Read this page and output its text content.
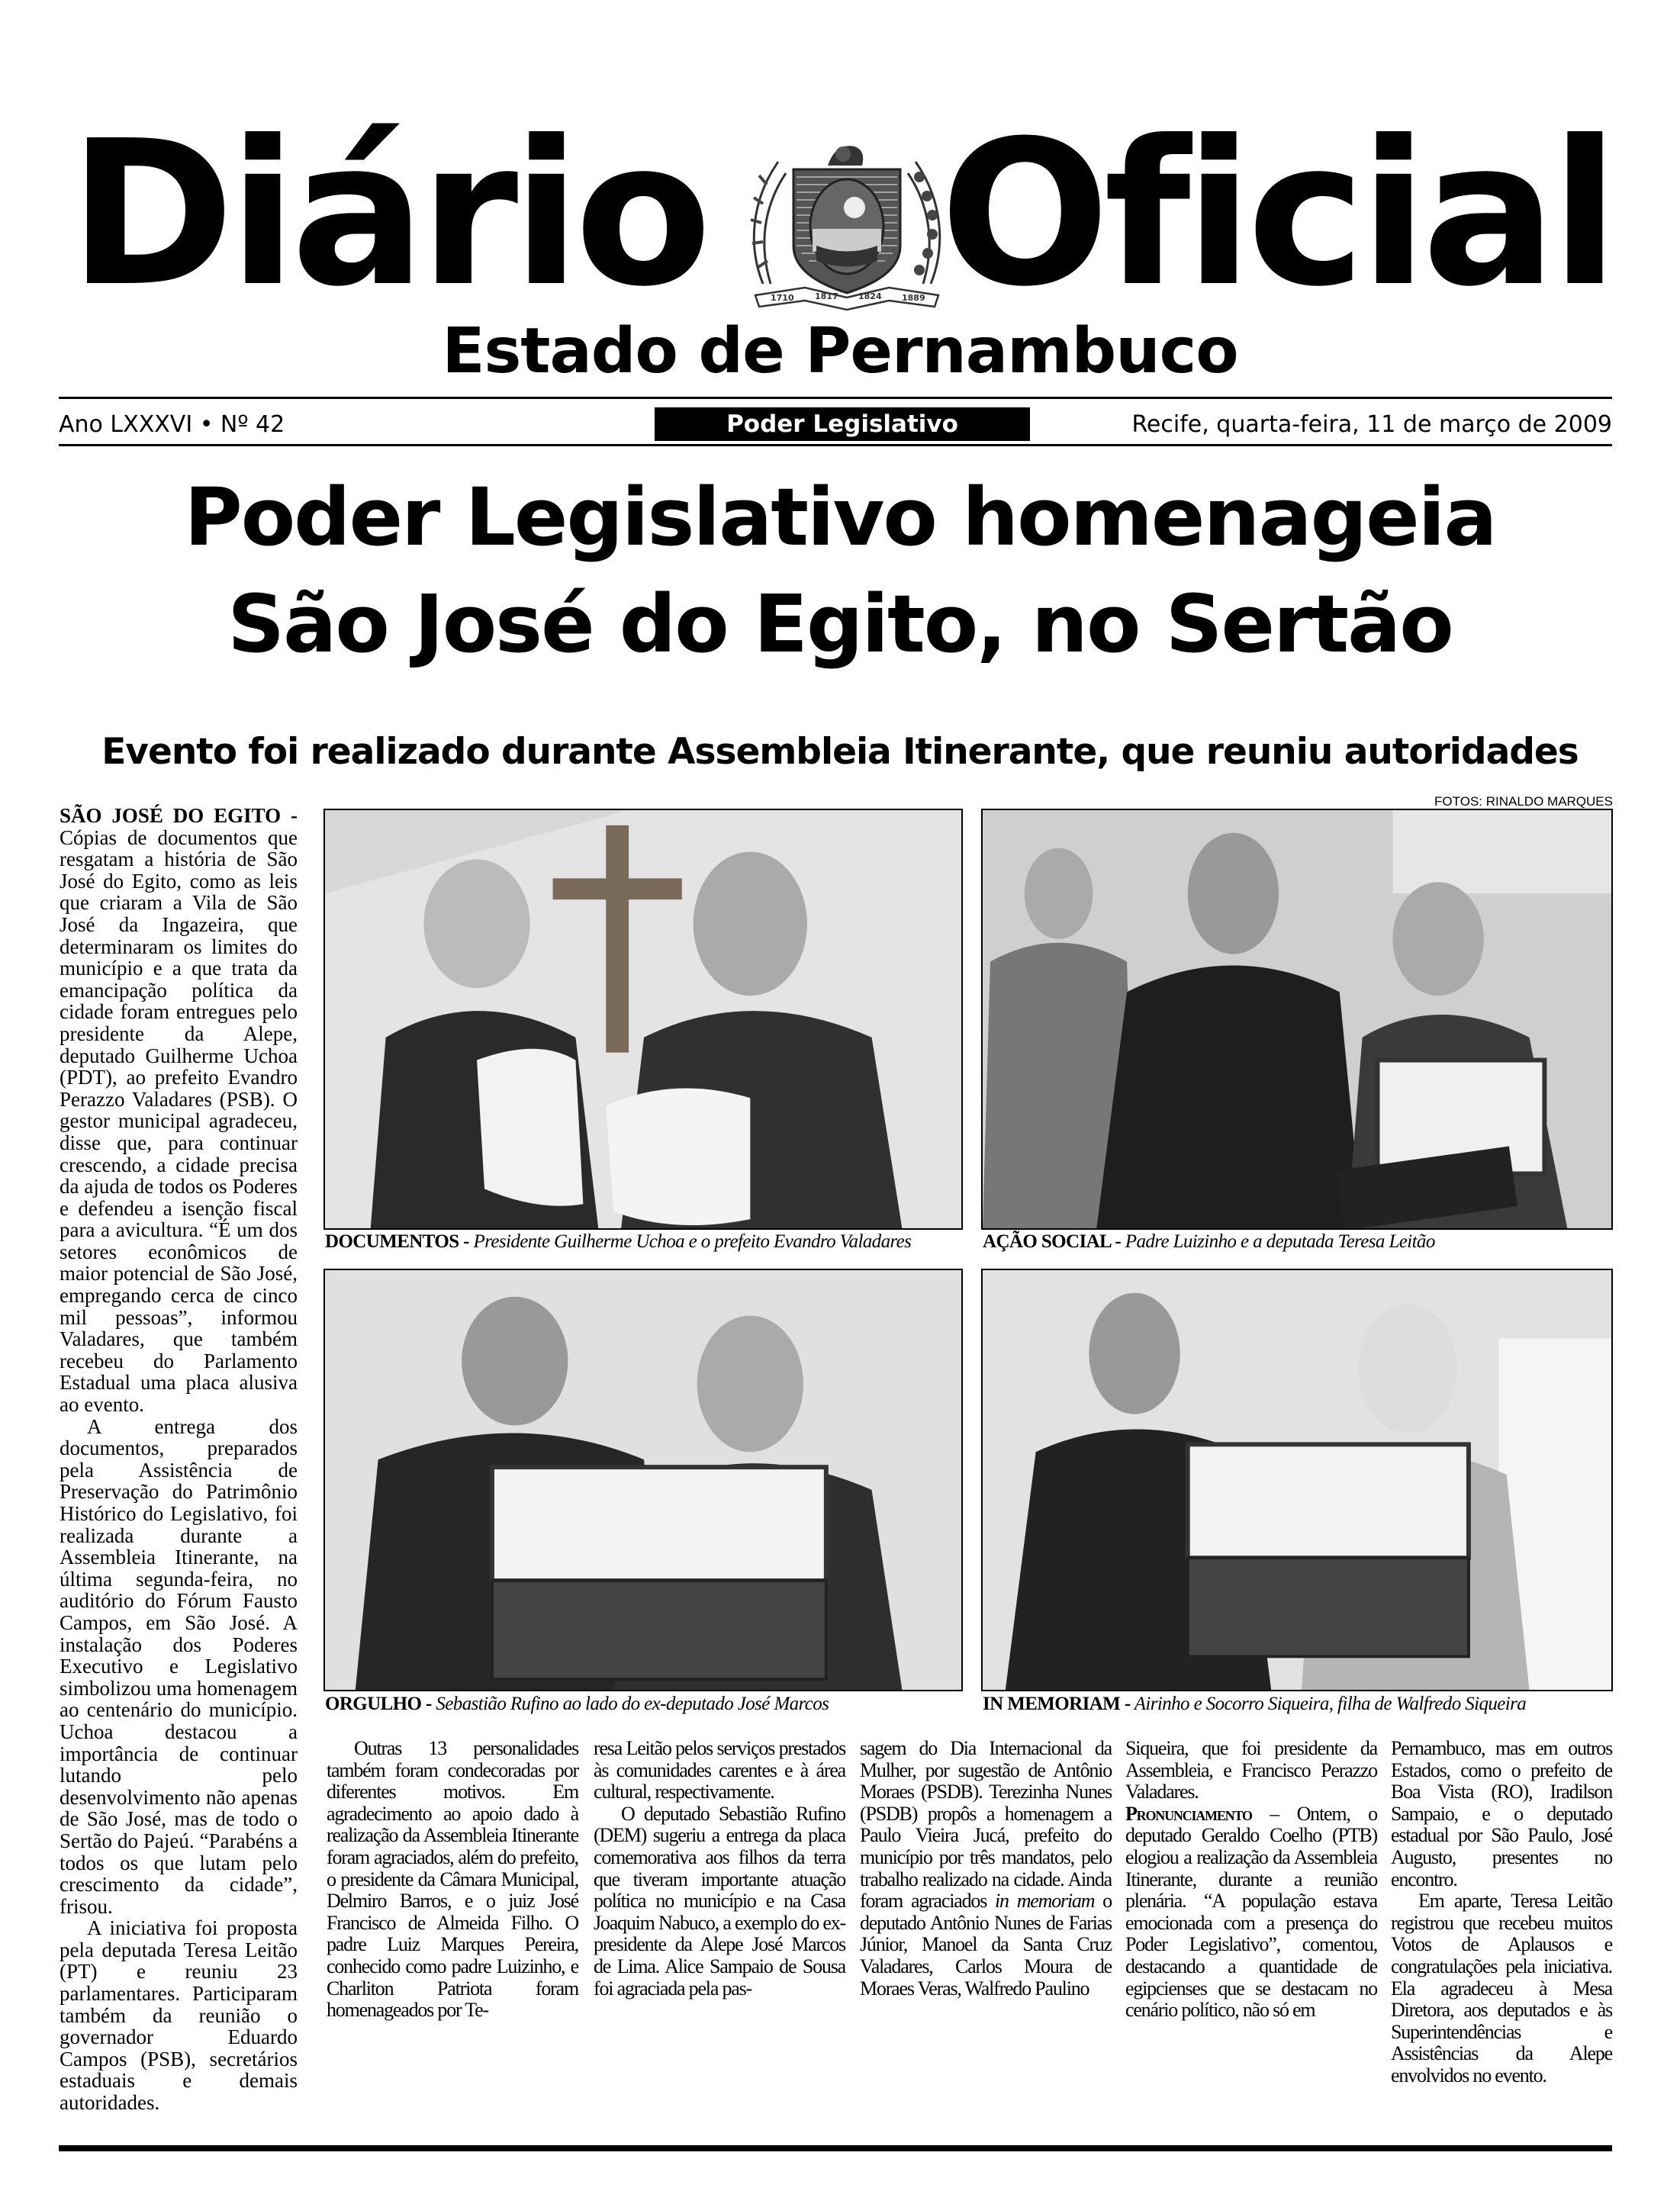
Diário	1710 1817 1824 1889 Oficial
Estado de Pernambuco
Ano LXXXVI • Nº 42	Poder Legislativo	Recife, quarta-feira, 11 de março de 2009
Poder Legislativo homenageia
São José do Egito, no Sertão
Evento foi realizado durante Assembleia Itinerante, que reuniu autoridades
FOTOS: RINALDO MARQUES

SÃO JOSÉ DO EGITO - Cópias de documentos que resgatam a história de São José do Egito, como as leis que criaram a Vila de São José da Ingazeira, que determinaram os limites do município e a que trata da emancipação política da cidade foram entregues pelo presidente da Alepe, deputado Guilherme Uchoa (PDT), ao prefeito Evandro Perazzo Valadares (PSB). O gestor municipal agradeceu, disse que, para continuar crescendo, a cidade precisa da ajuda de todos os Poderes e defendeu a isenção fiscal para a avicultura. “É um dos setores econômicos de maior potencial de São José, empregando cerca de cinco mil pessoas”, informou Valadares, que também recebeu do Parlamento Estadual uma placa alusiva ao evento.

A entrega dos documentos, preparados pela Assistência de Preservação do Patrimônio Histórico do Legislativo, foi realizada durante a Assembleia Itinerante, na última segunda-feira, no auditório do Fórum Fausto Campos, em São José. A instalação dos Poderes Executivo e Legislativo simbolizou uma homenagem ao centenário do município. Uchoa destacou a importância de continuar lutando pelo desenvolvimento não apenas de São José, mas de todo o Sertão do Pajeú. “Parabéns a todos os que lutam pelo crescimento da cidade”, frisou.

A iniciativa foi proposta pela deputada Teresa Leitão (PT) e reuniu 23 parlamentares. Participaram também da reunião o governador Eduardo Campos (PSB), secretários estaduais e demais autoridades.

DOCUMENTOS - Presidente Guilherme Uchoa e o prefeito Evandro Valadares	AÇÃO SOCIAL - Padre Luizinho e a deputada Teresa Leitão
ORGULHO - Sebastião Rufino ao lado do ex-deputado José Marcos	IN MEMORIAM - Airinho e Socorro Siqueira, filha de Walfredo Siqueira

Outras 13 personalidades também foram condecoradas por diferentes motivos. Em agradecimento ao apoio dado à realização da Assembleia Itinerante foram agraciados, além do prefeito, o presidente da Câmara Municipal, Delmiro Barros, e o juiz José Francisco de Almeida Filho. O padre Luiz Marques Pereira, conhecido como padre Luizinho, e Charliton Patriota foram homenageados por Te-

resa Leitão pelos serviços prestados às comunidades carentes e à área cultural, respectivamente.

O deputado Sebastião Rufino (DEM) sugeriu a entrega da placa comemorativa aos filhos da terra que tiveram importante atuação política no município e na Casa Joaquim Nabuco, a exemplo do ex-presidente da Alepe José Marcos de Lima. Alice Sampaio de Sousa foi agraciada pela pas-

sagem do Dia Internacional da Mulher, por sugestão de Antônio Moraes (PSDB). Terezinha Nunes (PSDB) propôs a homenagem a Paulo Vieira Jucá, prefeito do município por três mandatos, pelo trabalho realizado na cidade. Ainda foram agraciados in memoriam o deputado Antônio Nunes de Farias Júnior, Manoel da Santa Cruz Valadares, Carlos Moura de Moraes Veras, Walfredo Paulino

Siqueira, que foi presidente da Assembleia, e Francisco Perazzo Valadares.

Pronunciamento – Ontem, o deputado Geraldo Coelho (PTB) elogiou a realização da Assembleia Itinerante, durante a reunião plenária. “A população estava emocionada com a presença do Poder Legislativo”, comentou, destacando a quantidade de egipcienses que se destacam no cenário político, não só em

Pernambuco, mas em outros Estados, como o prefeito de Boa Vista (RO), Iradilson Sampaio, e o deputado estadual por São Paulo, José Augusto, presentes no encontro.

Em aparte, Teresa Leitão registrou que recebeu muitos Votos de Aplausos e congratulações pela iniciativa. Ela agradeceu à Mesa Diretora, aos deputados e às Superintendências e Assistências da Alepe envolvidos no evento.
